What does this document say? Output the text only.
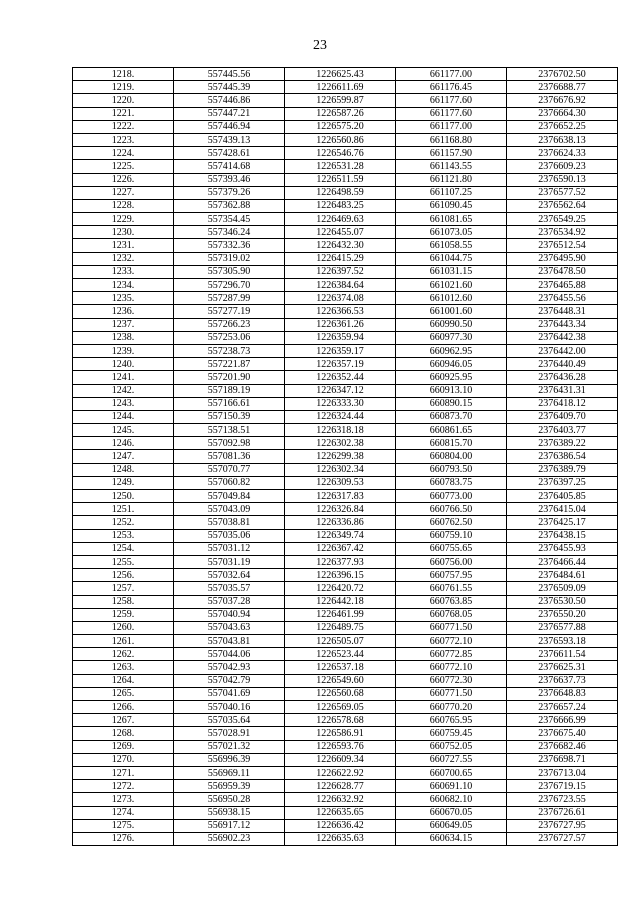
23
1218.	557445.56	1226625.43	661177.00	2376702.50
1219.	557445.39	1226611.69	661176.45	2376688.77
1220.	557446.86	1226599.87	661177.60	2376676.92
1221.	557447.21	1226587.26	661177.60	2376664.30
1222.	557446.94	1226575.20	661177.00	2376652.25
1223.	557439.13	1226560.86	661168.80	2376638.13
1224.	557428.61	1226546.76	661157.90	2376624.33
1225.	557414.68	1226531.28	661143.55	2376609.23
1226.	557393.46	1226511.59	661121.80	2376590.13
1227.	557379.26	1226498.59	661107.25	2376577.52
1228.	557362.88	1226483.25	661090.45	2376562.64
1229.	557354.45	1226469.63	661081.65	2376549.25
1230.	557346.24	1226455.07	661073.05	2376534.92
1231.	557332.36	1226432.30	661058.55	2376512.54
1232.	557319.02	1226415.29	661044.75	2376495.90
1233.	557305.90	1226397.52	661031.15	2376478.50
1234.	557296.70	1226384.64	661021.60	2376465.88
1235.	557287.99	1226374.08	661012.60	2376455.56
1236.	557277.19	1226366.53	661001.60	2376448.31
1237.	557266.23	1226361.26	660990.50	2376443.34
1238.	557253.06	1226359.94	660977.30	2376442.38
1239.	557238.73	1226359.17	660962.95	2376442.00
1240.	557221.87	1226357.19	660946.05	2376440.49
1241.	557201.90	1226352.44	660925.95	2376436.28
1242.	557189.19	1226347.12	660913.10	2376431.31
1243.	557166.61	1226333.30	660890.15	2376418.12
1244.	557150.39	1226324.44	660873.70	2376409.70
1245.	557138.51	1226318.18	660861.65	2376403.77
1246.	557092.98	1226302.38	660815.70	2376389.22
1247.	557081.36	1226299.38	660804.00	2376386.54
1248.	557070.77	1226302.34	660793.50	2376389.79
1249.	557060.82	1226309.53	660783.75	2376397.25
1250.	557049.84	1226317.83	660773.00	2376405.85
1251.	557043.09	1226326.84	660766.50	2376415.04
1252.	557038.81	1226336.86	660762.50	2376425.17
1253.	557035.06	1226349.74	660759.10	2376438.15
1254.	557031.12	1226367.42	660755.65	2376455.93
1255.	557031.19	1226377.93	660756.00	2376466.44
1256.	557032.64	1226396.15	660757.95	2376484.61
1257.	557035.57	1226420.72	660761.55	2376509.09
1258.	557037.28	1226442.18	660763.85	2376530.50
1259.	557040.94	1226461.99	660768.05	2376550.20
1260.	557043.63	1226489.75	660771.50	2376577.88
1261.	557043.81	1226505.07	660772.10	2376593.18
1262.	557044.06	1226523.44	660772.85	2376611.54
1263.	557042.93	1226537.18	660772.10	2376625.31
1264.	557042.79	1226549.60	660772.30	2376637.73
1265.	557041.69	1226560.68	660771.50	2376648.83
1266.	557040.16	1226569.05	660770.20	2376657.24
1267.	557035.64	1226578.68	660765.95	2376666.99
1268.	557028.91	1226586.91	660759.45	2376675.40
1269.	557021.32	1226593.76	660752.05	2376682.46
1270.	556996.39	1226609.34	660727.55	2376698.71
1271.	556969.11	1226622.92	660700.65	2376713.04
1272.	556959.39	1226628.77	660691.10	2376719.15
1273.	556950.28	1226632.92	660682.10	2376723.55
1274.	556938.15	1226635.65	660670.05	2376726.61
1275.	556917.12	1226636.42	660649.05	2376727.95
1276.	556902.23	1226635.63	660634.15	2376727.57
